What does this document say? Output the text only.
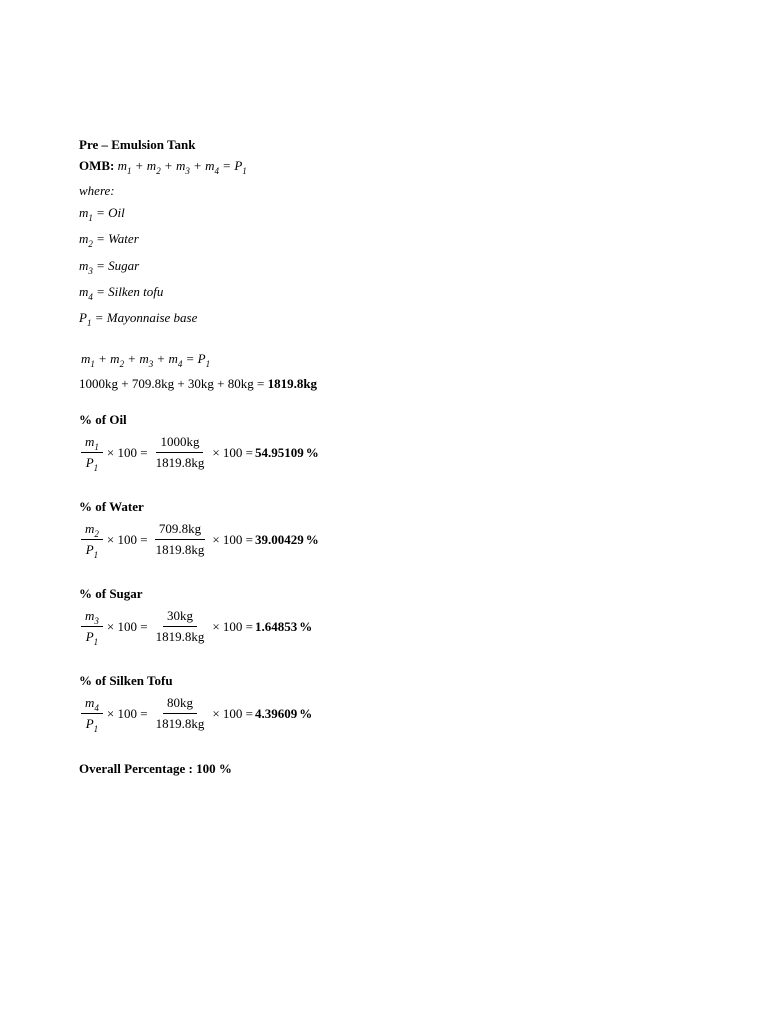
Pre – Emulsion Tank
OMB: $m_1 + m_2 + m_3 + m_4 = P_1$
where:
$m_1$ = Oil
$m_2$ = Water
$m_3$ = Sugar
$m_4$ = Silken tofu
$P_1$ = Mayonnaise base
$m_1 + m_2 + m_3 + m_4 = P_1$
1000kg + 709.8kg + 30kg + 80kg = 1819.8kg
% of Oil
$\frac{m_1}{P_1} \times 100 = \frac{1000kg}{1819.8kg} \times 100 = 54.95109$ %
% of Water
$\frac{m_2}{P_1} \times 100 = \frac{709.8kg}{1819.8kg} \times 100 = 39.00429$ %
% of Sugar
$\frac{m_3}{P_1} \times 100 = \frac{30kg}{1819.8kg} \times 100 = 1.64853$ %
% of Silken Tofu
$\frac{m_4}{P_1} \times 100 = \frac{80kg}{1819.8kg} \times 100 = 4.39609$ %
Overall Percentage : 100 %
